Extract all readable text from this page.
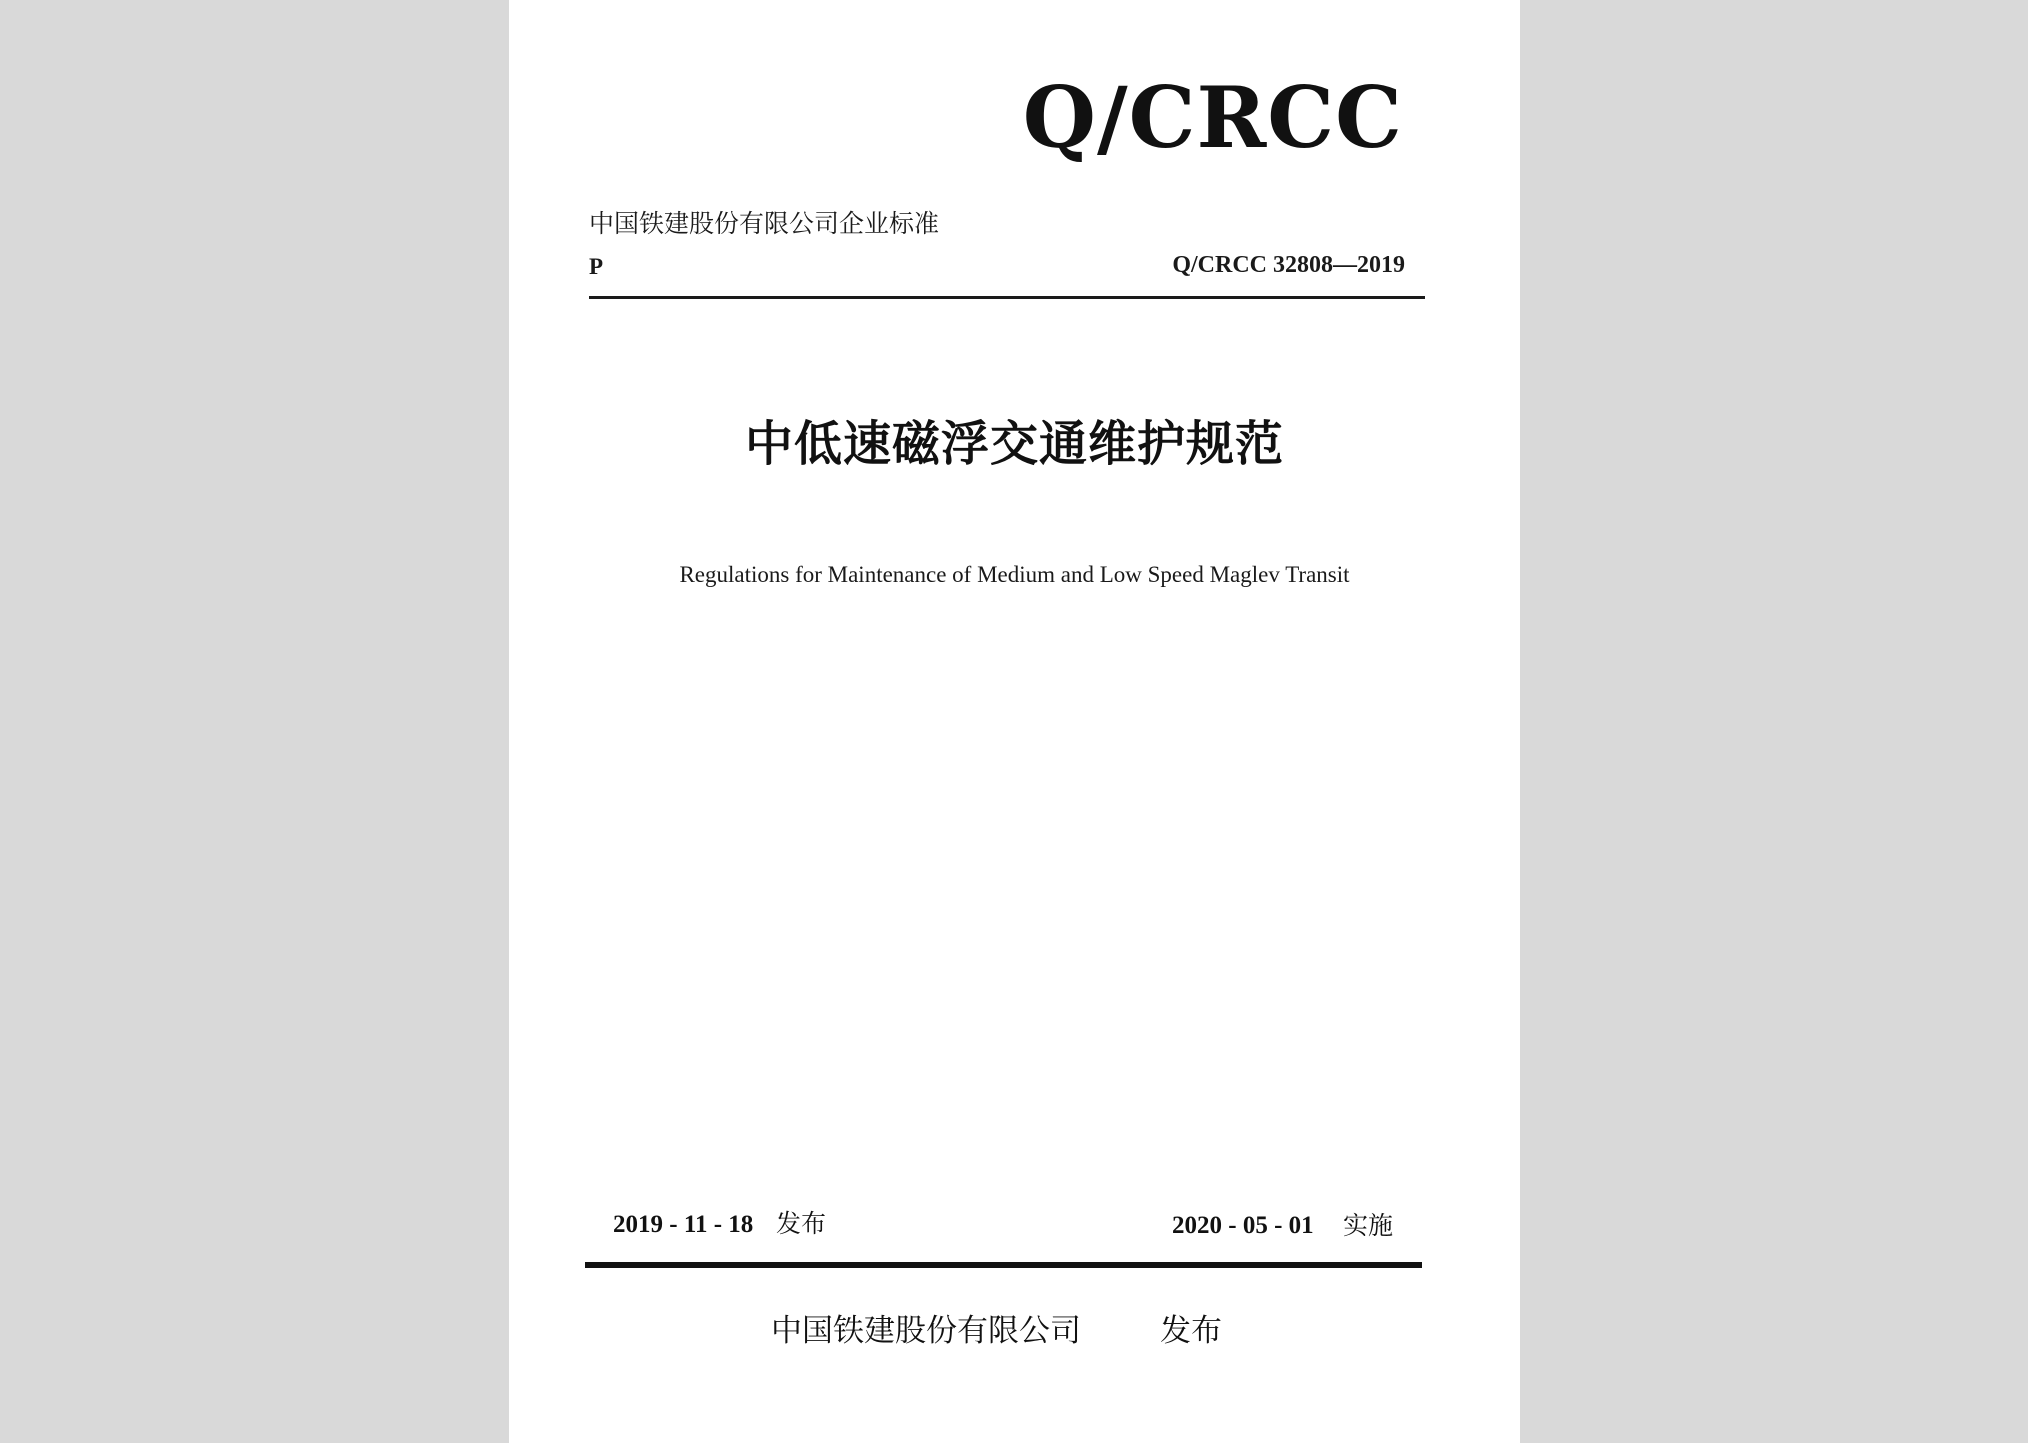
Q/CRCC
中国铁建股份有限公司企业标准
P	Q/CRCC 32808—2019
中低速磁浮交通维护规范
Regulations for Maintenance of Medium and Low Speed Maglev Transit
2019 - 11 - 18 发布	2020 - 05 - 01 实施
中国铁建股份有限公司	发布
